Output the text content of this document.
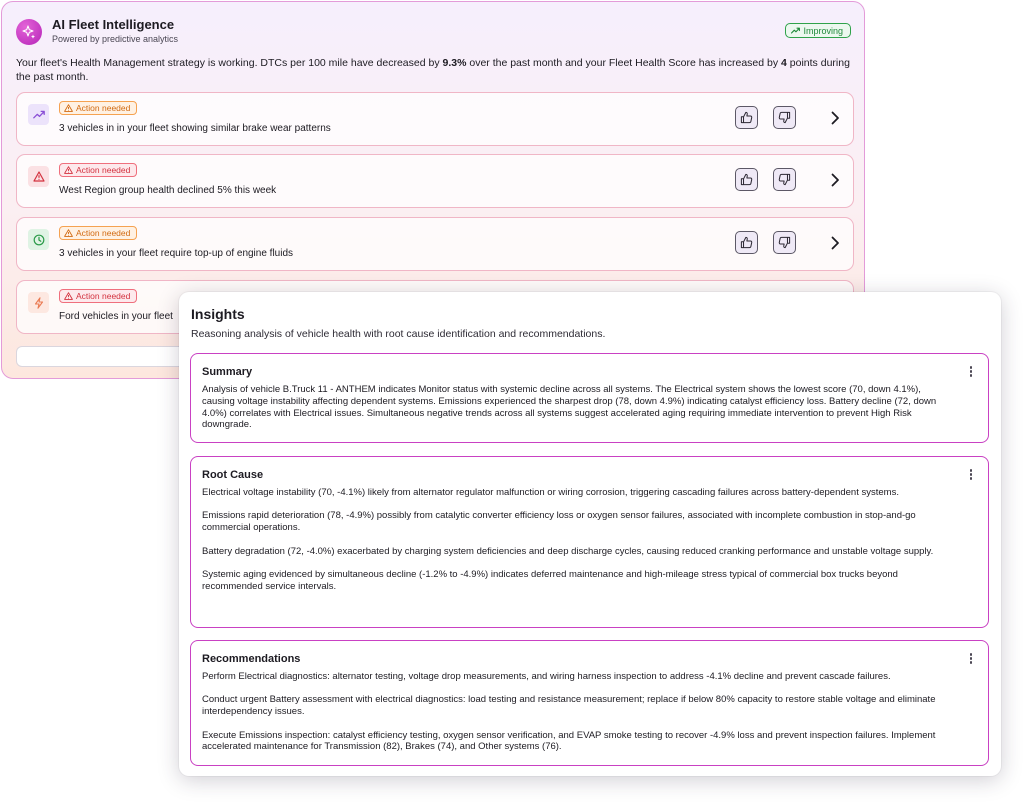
AI Fleet Intelligence
Powered by predictive analytics
Improving

Your fleet's Health Management strategy is working. DTCs per 100 mile have decreased by 9.3% over the past month and your Fleet Health Score has increased by 4 points during the past month.

Action needed
3 vehicles in in your fleet showing similar brake wear patterns
Action needed
West Region group health declined 5% this week
Action needed
3 vehicles in your fleet require top-up of engine fluids
Action needed
Ford vehicles in your fleet Insights
Reasoning analysis of vehicle health with root cause identification and recommendations.
Summary

Analysis of vehicle B.Truck 11 - ANTHEM indicates Monitor status with systemic decline across all systems. The Electrical system shows the lowest score (70, down 4.1%), causing voltage instability affecting dependent systems. Emissions experienced the sharpest drop (78, down 4.9%) indicating catalyst efficiency loss. Battery decline (72, down 4.0%) correlates with Electrical issues. Simultaneous negative trends across all systems suggest accelerated aging requiring immediate intervention to prevent High Risk downgrade.

Root Cause

Electrical voltage instability (70, -4.1%) likely from alternator regulator malfunction or wiring corrosion, triggering cascading failures across battery-dependent systems.

Emissions rapid deterioration (78, -4.9%) possibly from catalytic converter efficiency loss or oxygen sensor failures, associated with incomplete combustion in stop-and-go commercial operations.

Battery degradation (72, -4.0%) exacerbated by charging system deficiencies and deep discharge cycles, causing reduced cranking performance and unstable voltage supply.

Systemic aging evidenced by simultaneous decline (-1.2% to -4.9%) indicates deferred maintenance and high-mileage stress typical of commercial box trucks beyond recommended service intervals.

Recommendations

Perform Electrical diagnostics: alternator testing, voltage drop measurements, and wiring harness inspection to address -4.1% decline and prevent cascade failures.

Conduct urgent Battery assessment with electrical diagnostics: load testing and resistance measurement; replace if below 80% capacity to restore stable voltage and eliminate interdependency issues.

Execute Emissions inspection: catalyst efficiency testing, oxygen sensor verification, and EVAP smoke testing to recover -4.9% loss and prevent inspection failures. Implement accelerated maintenance for Transmission (82), Brakes (74), and Other systems (76).
